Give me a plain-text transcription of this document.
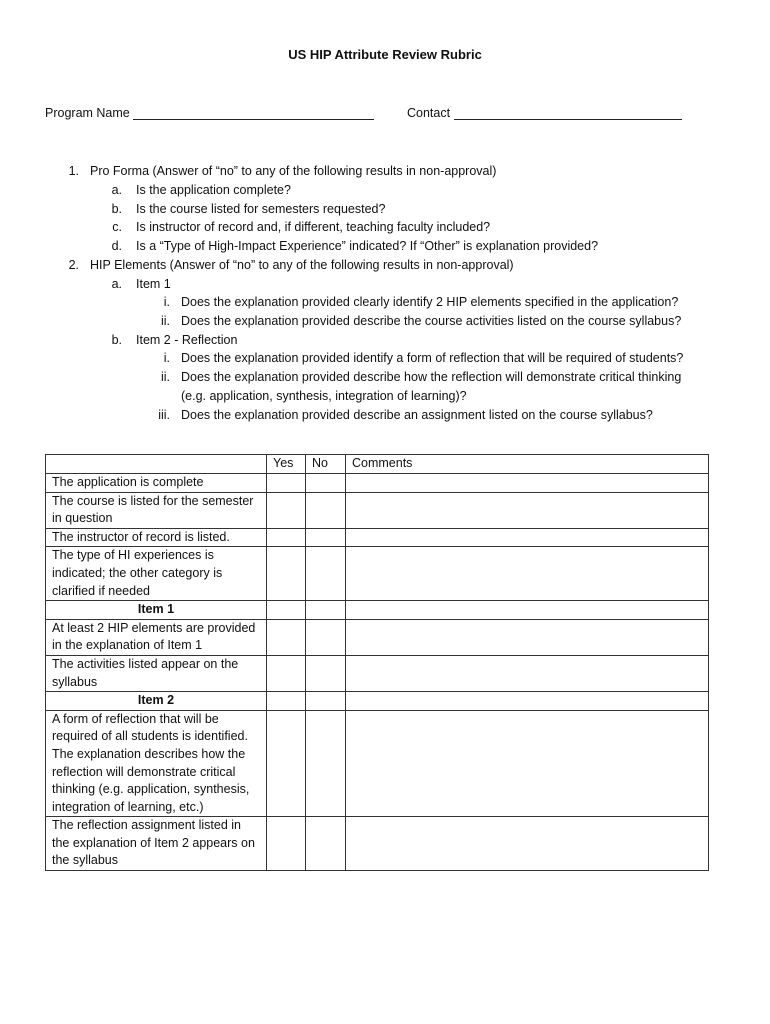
US HIP Attribute Review Rubric
Program Name	Contact
1. Pro Forma (Answer of “no” to any of the following results in non-approval)
a. Is the application complete?
b. Is the course listed for semesters requested?
c. Is instructor of record and, if different, teaching faculty included?
d. Is a “Type of High-Impact Experience” indicated? If “Other” is explanation provided?
2. HIP Elements (Answer of “no” to any of the following results in non-approval)
a. Item 1
i. Does the explanation provided clearly identify 2 HIP elements specified in the application?
ii. Does the explanation provided describe the course activities listed on the course syllabus?
b. Item 2 - Reflection
i. Does the explanation provided identify a form of reflection that will be required of students?
ii. Does the explanation provided describe how the reflection will demonstrate critical thinking
(e.g. application, synthesis, integration of learning)?
iii. Does the explanation provided describe an assignment listed on the course syllabus?
	Yes	No	Comments
The application is complete			
The course is listed for the semester in question			
The instructor of record is listed.			
The type of HI experiences is indicated; the other category is clarified if needed			
Item 1			
At least 2 HIP elements are provided in the explanation of Item 1			
The activities listed appear on the syllabus			
Item 2			
A form of reflection that will be required of all students is identified. The explanation describes how the reflection will demonstrate critical thinking (e.g. application, synthesis, integration of learning, etc.)			
The reflection assignment listed in the explanation of Item 2 appears on the syllabus			
